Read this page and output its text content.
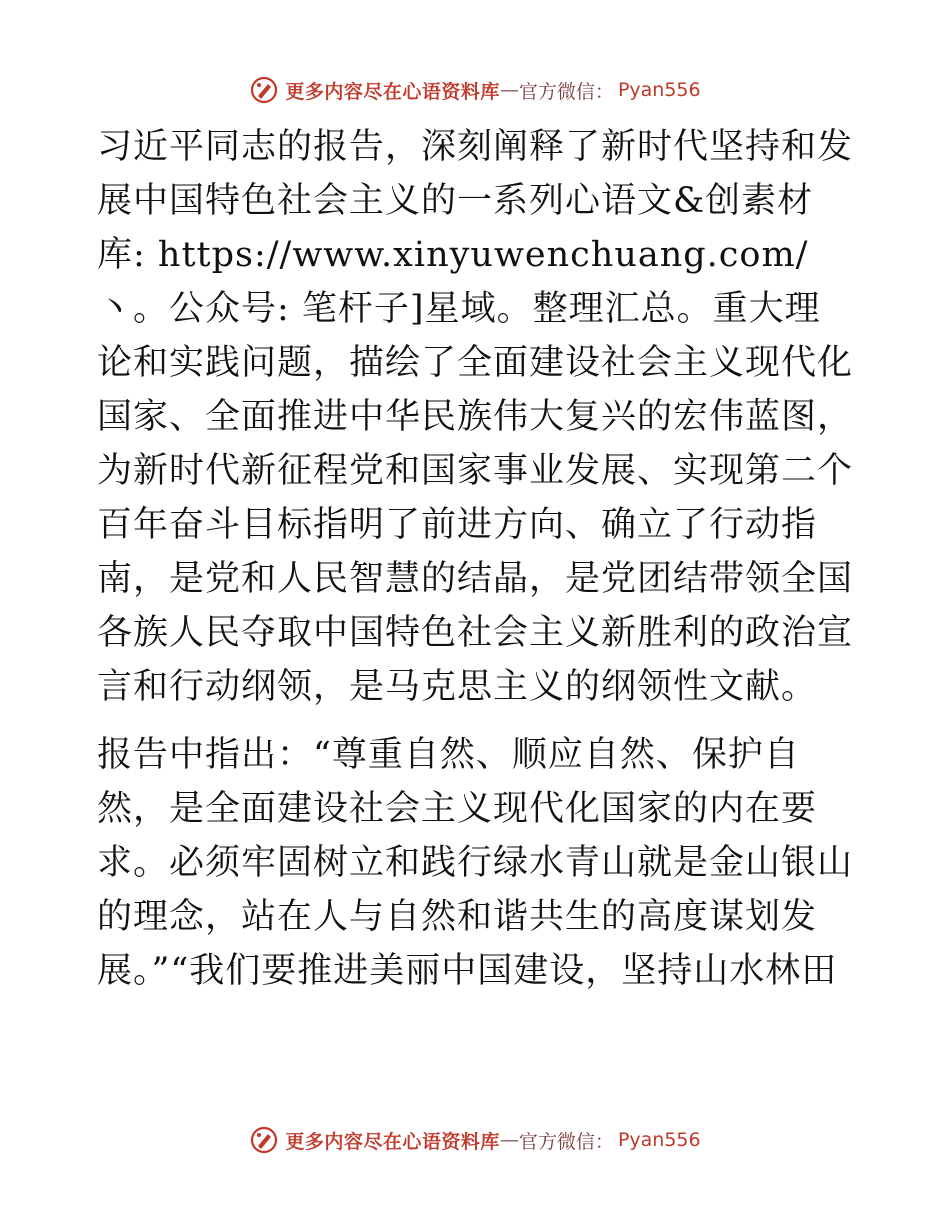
更多内容尽在心语资料库 — 官方微信： Pyan556

习近平同志的报告，深刻阐释了新时代坚持和发展中国特色社会主义的一系列心语文&创素材库: https://www.xinyuwenchuang.com/丶。公众号: 笔杆子]星域。整理汇总。重大理论和实践问题，描绘了全面建设社会主义现代化国家、全面推进中华民族伟大复兴的宏伟蓝图，为新时代新征程党和国家事业发展、实现第二个百年奋斗目标指明了前进方向、确立了行动指南，是党和人民智慧的结晶，是党团结带领全国各族人民夺取中国特色社会主义新胜利的政治宣言和行动纲领，是马克思主义的纲领性文献。

报告中指出：“尊重自然、顺应自然、保护自然，是全面建设社会主义现代化国家的内在要求。必须牢固树立和践行绿水青山就是金山银山的理念，站在人与自然和谐共生的高度谋划发展。”“我们要推进美丽中国建设，坚持山水林田

更多内容尽在心语资料库 — 官方微信： Pyan556
